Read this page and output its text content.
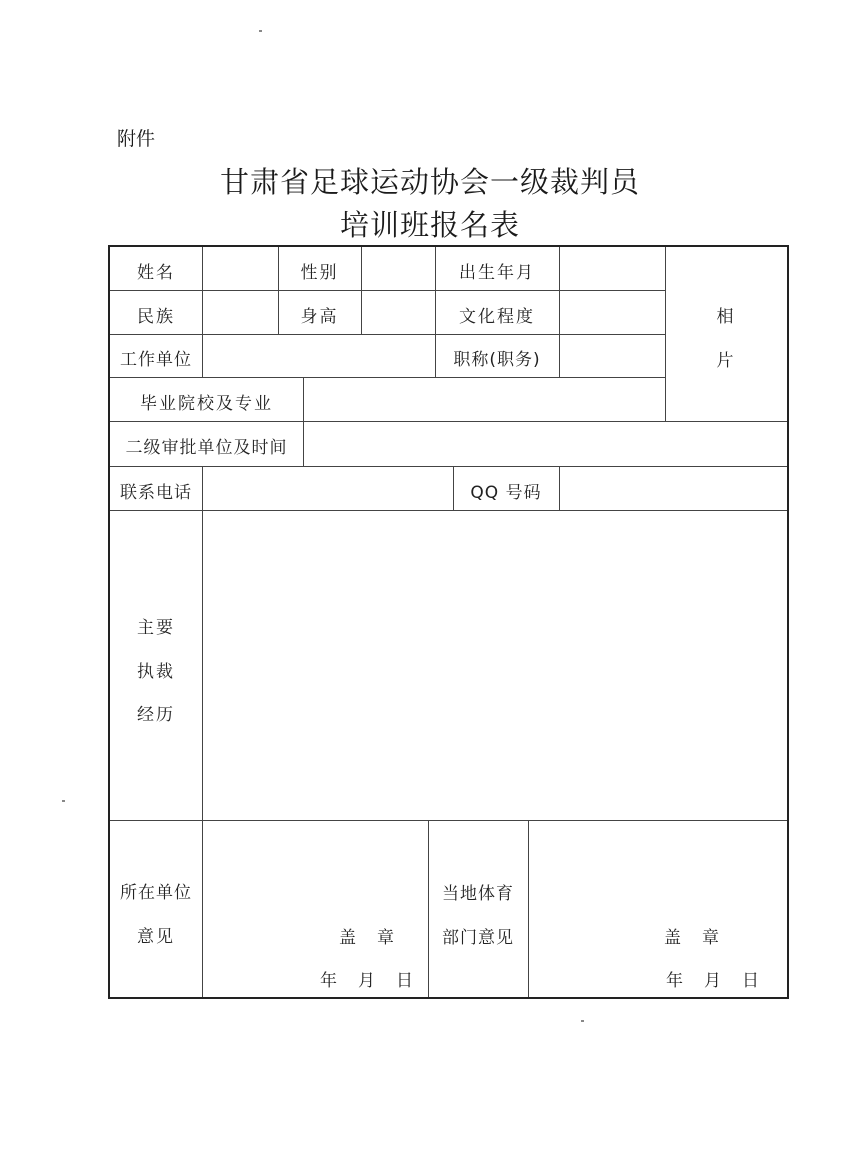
附件
甘肃省足球运动协会一级裁判员
培训班报名表
姓名	性别	出生年月
民族	身高	文化程度
工作单位	职称(职务)
相
片
毕业院校及专业
二级审批单位及时间
联系电话	QQ 号码
主要
执裁
经历
所在单位
意见	盖　章
年　月　日
当地体育
部门意见	盖　章
年　月　日
